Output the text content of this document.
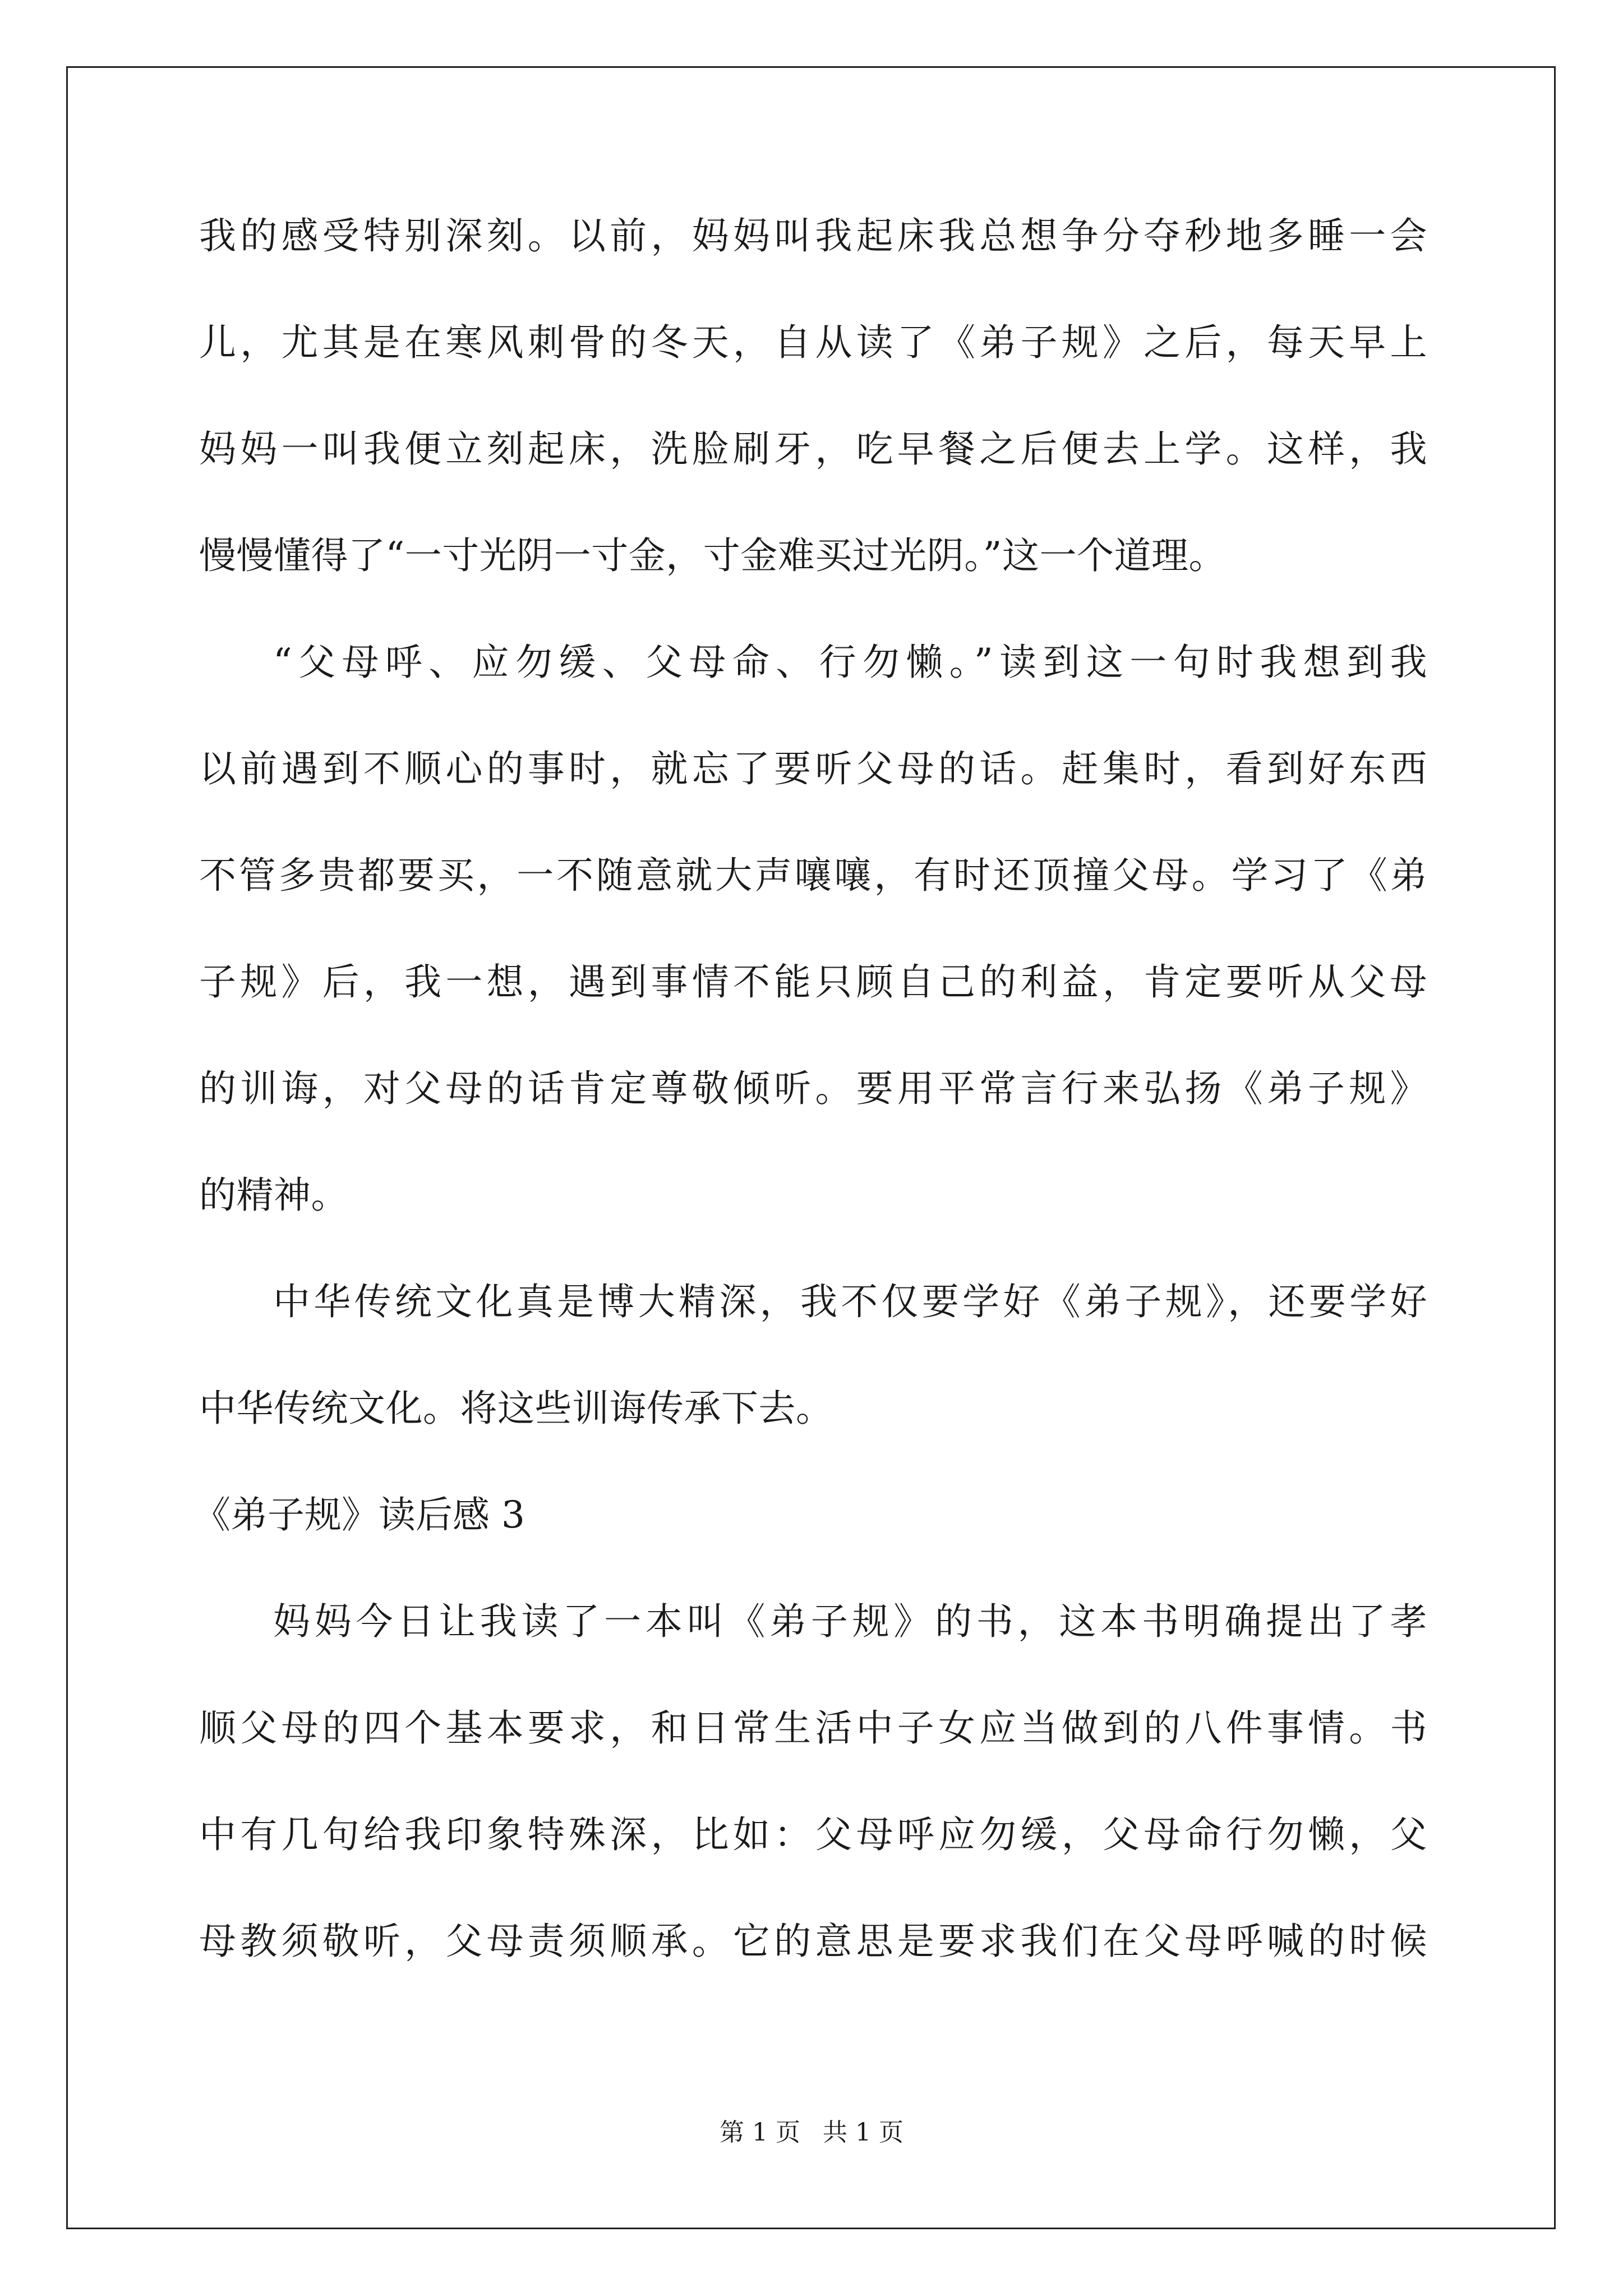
我的感受特别深刻。以前，妈妈叫我起床我总想争分夺秒地多睡一会
儿，尤其是在寒风刺骨的冬天，自从读了《弟子规》之后，每天早上
妈妈一叫我便立刻起床，洗脸刷牙，吃早餐之后便去上学。这样，我
慢慢懂得了“一寸光阴一寸金，寸金难买过光阴。”这一个道理。
“父母呼、应勿缓、父母命、行勿懒。”读到这一句时我想到我
以前遇到不顺心的事时，就忘了要听父母的话。赶集时，看到好东西
不管多贵都要买，一不随意就大声嚷嚷，有时还顶撞父母。学习了《弟
子规》后，我一想，遇到事情不能只顾自己的利益，肯定要听从父母
的训诲，对父母的话肯定尊敬倾听。要用平常言行来弘扬《弟子规》
的精神。
中华传统文化真是博大精深，我不仅要学好《弟子规》，还要学好
中华传统文化。将这些训诲传承下去。
《弟子规》读后感 3
妈妈今日让我读了一本叫《弟子规》的书，这本书明确提出了孝
顺父母的四个基本要求，和日常生活中子女应当做到的八件事情。书
中有几句给我印象特殊深，比如：父母呼应勿缓，父母命行勿懒，父
母教须敬听，父母责须顺承。它的意思是要求我们在父母呼喊的时候
第 1 页 共 1 页
